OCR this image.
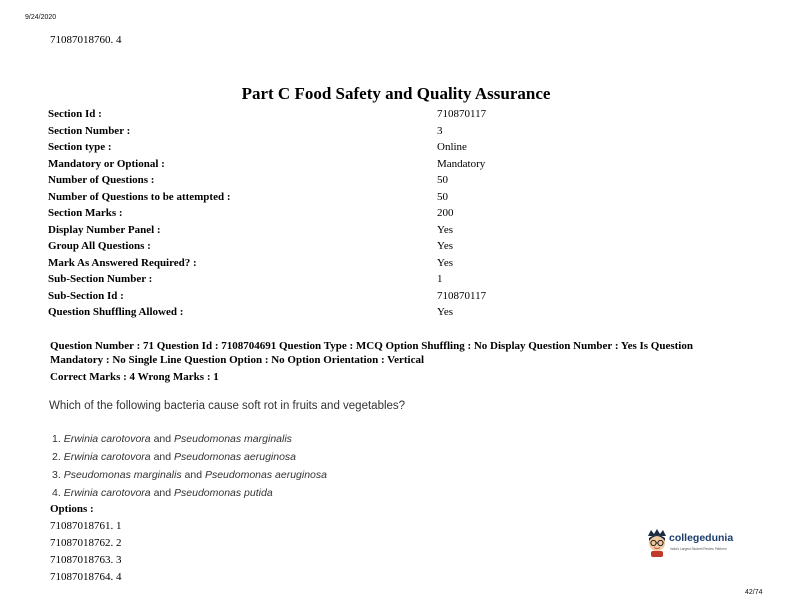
9/24/2020
71087018760. 4
Part C Food Safety and Quality Assurance
Section Id :	710870117
Section Number :	3
Section type :	Online
Mandatory or Optional :	Mandatory
Number of Questions :	50
Number of Questions to be attempted :	50
Section Marks :	200
Display Number Panel :	Yes
Group All Questions :	Yes
Mark As Answered Required? :	Yes
Sub-Section Number :	1
Sub-Section Id :	710870117
Question Shuffling Allowed :	Yes
Question Number : 71 Question Id : 7108704691 Question Type : MCQ Option Shuffling : No Display Question Number : Yes Is Question Mandatory : No Single Line Question Option : No Option Orientation : Vertical
Correct Marks : 4 Wrong Marks : 1
Which of the following bacteria cause soft rot in fruits and vegetables?
1. Erwinia carotovora and Pseudomonas marginalis
2. Erwinia carotovora and Pseudomonas aeruginosa
3. Pseudomonas marginalis and Pseudomonas aeruginosa
4. Erwinia carotovora and Pseudomonas putida
Options :
71087018761. 1
71087018762. 2
71087018763. 3
71087018764. 4
collegedunia
India's Largest Student Review Platform
42/74
